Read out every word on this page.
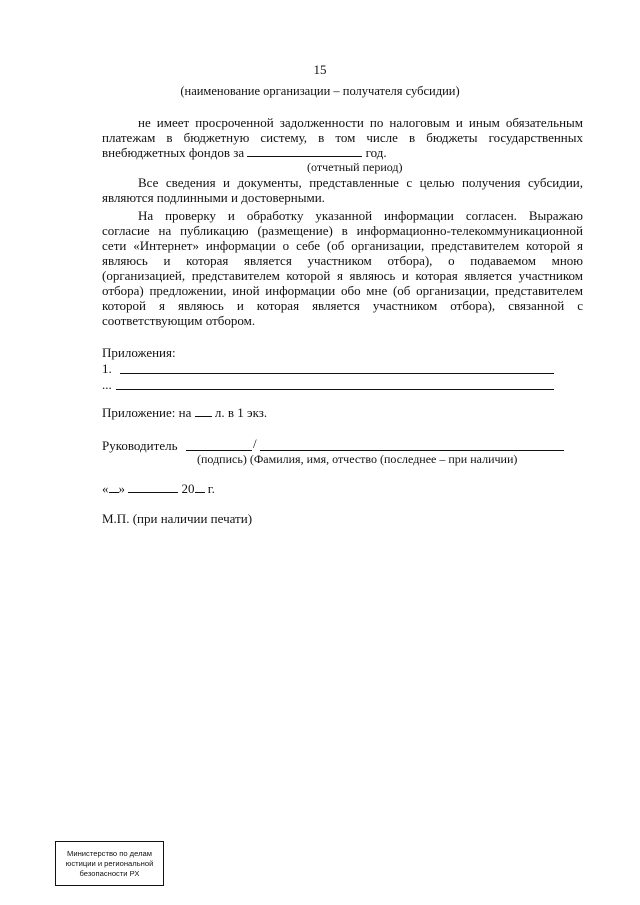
15
(наименование организации – получателя субсидии)
не имеет просроченной задолженности по налоговым и иным обязательным
платежам в бюджетную систему, в том числе в бюджеты государственных
внебюджетных фондов за	год.
(отчетный период)
Все сведения и документы, представленные с целью получения субсидии,
являются подлинными и достоверными.
На проверку и обработку указанной информации согласен. Выражаю
согласие на публикацию (размещение) в информационно-телекоммуникационной
сети «Интернет» информации о себе (об организации, представителем которой я
являюсь и которая является участником отбора), о подаваемом мною
(организацией, представителем которой я являюсь и которая является участником
отбора) предложении, иной информации обо мне (об организации, представителем
которой я являюсь и которая является участником отбора), связанной с
соответствующим отбором.
Приложения:
1.
...
Приложение: на л. в 1 экз.
Руководитель	/
(подпись) (Фамилия, имя, отчество (последнее – при наличии)
« »	20 г.
М.П. (при наличии печати)
Министерство по делам
юстиции и региональной
безопасности РХ
